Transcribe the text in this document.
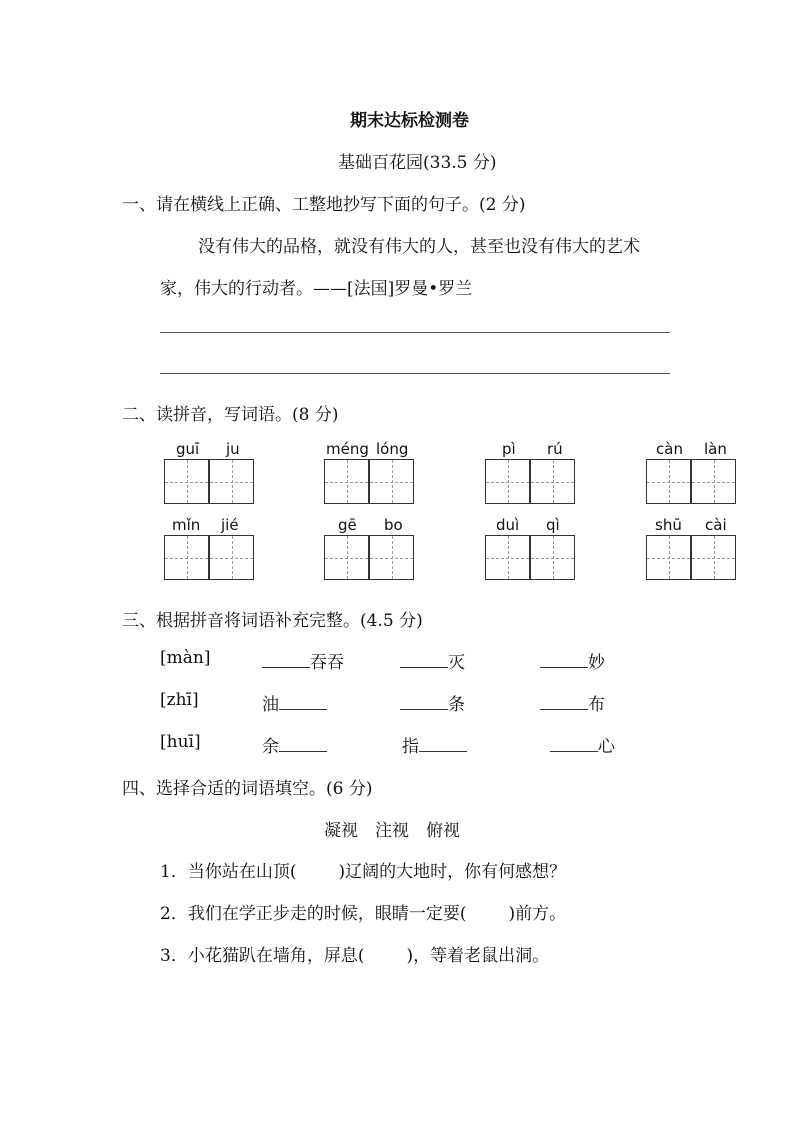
期末达标检测卷
基础百花园(33.5 分)
一、请在横线上正确、工整地抄写下面的句子。(2 分)
没有伟大的品格，就没有伟大的人，甚至也没有伟大的艺术
家，伟大的行动者。——[法国]罗曼•罗兰
二、读拼音，写词语。(8 分)
guī ju	méng lóng	pì rú	càn làn
mǐn jié	gē bo	duì qì	shū cài
三、根据拼音将词语补充完整。(4.5 分)
[màn]	吞吞	灭	妙
[zhī]	油	条	布
[huī]	余	指	心
四、选择合适的词语填空。(6 分)
凝视　注视　俯视
1．当你站在山顶( )辽阔的大地时，你有何感想？
2．我们在学正步走的时候，眼睛一定要( )前方。
3．小花猫趴在墙角，屏息( )，等着老鼠出洞。
